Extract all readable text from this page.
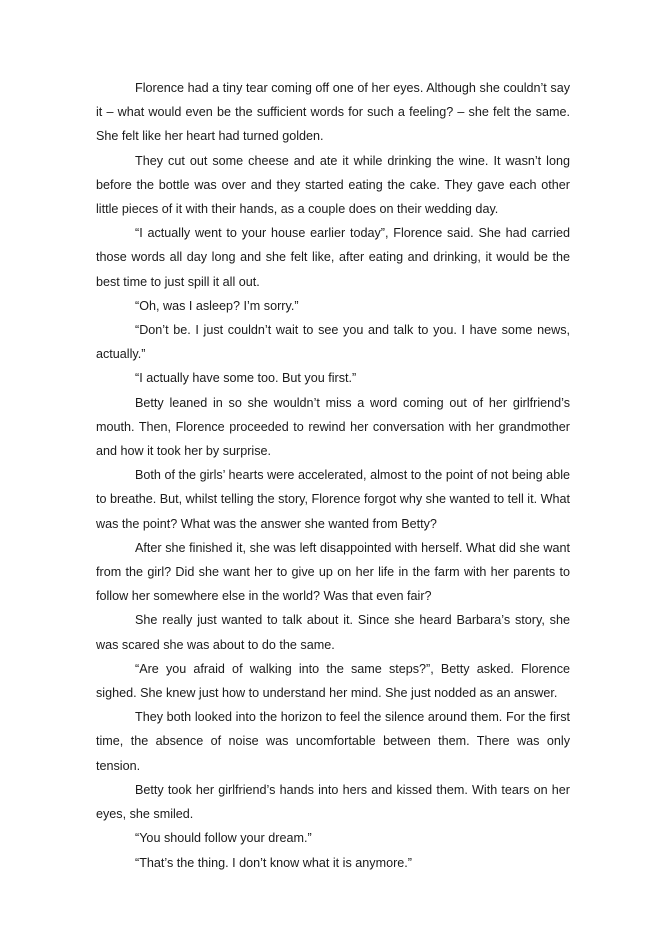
Florence had a tiny tear coming off one of her eyes. Although she couldn’t say it – what would even be the sufficient words for such a feeling? – she felt the same. She felt like her heart had turned golden.

They cut out some cheese and ate it while drinking the wine. It wasn’t long before the bottle was over and they started eating the cake. They gave each other little pieces of it with their hands, as a couple does on their wedding day.

“I actually went to your house earlier today”, Florence said. She had carried those words all day long and she felt like, after eating and drinking, it would be the best time to just spill it all out.

“Oh, was I asleep? I’m sorry.”

“Don’t be. I just couldn’t wait to see you and talk to you. I have some news, actually.”

“I actually have some too. But you first.”

Betty leaned in so she wouldn’t miss a word coming out of her girlfriend’s mouth. Then, Florence proceeded to rewind her conversation with her grandmother and how it took her by surprise.

Both of the girls’ hearts were accelerated, almost to the point of not being able to breathe. But, whilst telling the story, Florence forgot why she wanted to tell it. What was the point? What was the answer she wanted from Betty?

After she finished it, she was left disappointed with herself. What did she want from the girl? Did she want her to give up on her life in the farm with her parents to follow her somewhere else in the world? Was that even fair?

She really just wanted to talk about it. Since she heard Barbara’s story, she was scared she was about to do the same.

“Are you afraid of walking into the same steps?”, Betty asked. Florence sighed. She knew just how to understand her mind. She just nodded as an answer.

They both looked into the horizon to feel the silence around them. For the first time, the absence of noise was uncomfortable between them. There was only tension.

Betty took her girlfriend’s hands into hers and kissed them. With tears on her eyes, she smiled.

“You should follow your dream.”

“That’s the thing. I don’t know what it is anymore.”
